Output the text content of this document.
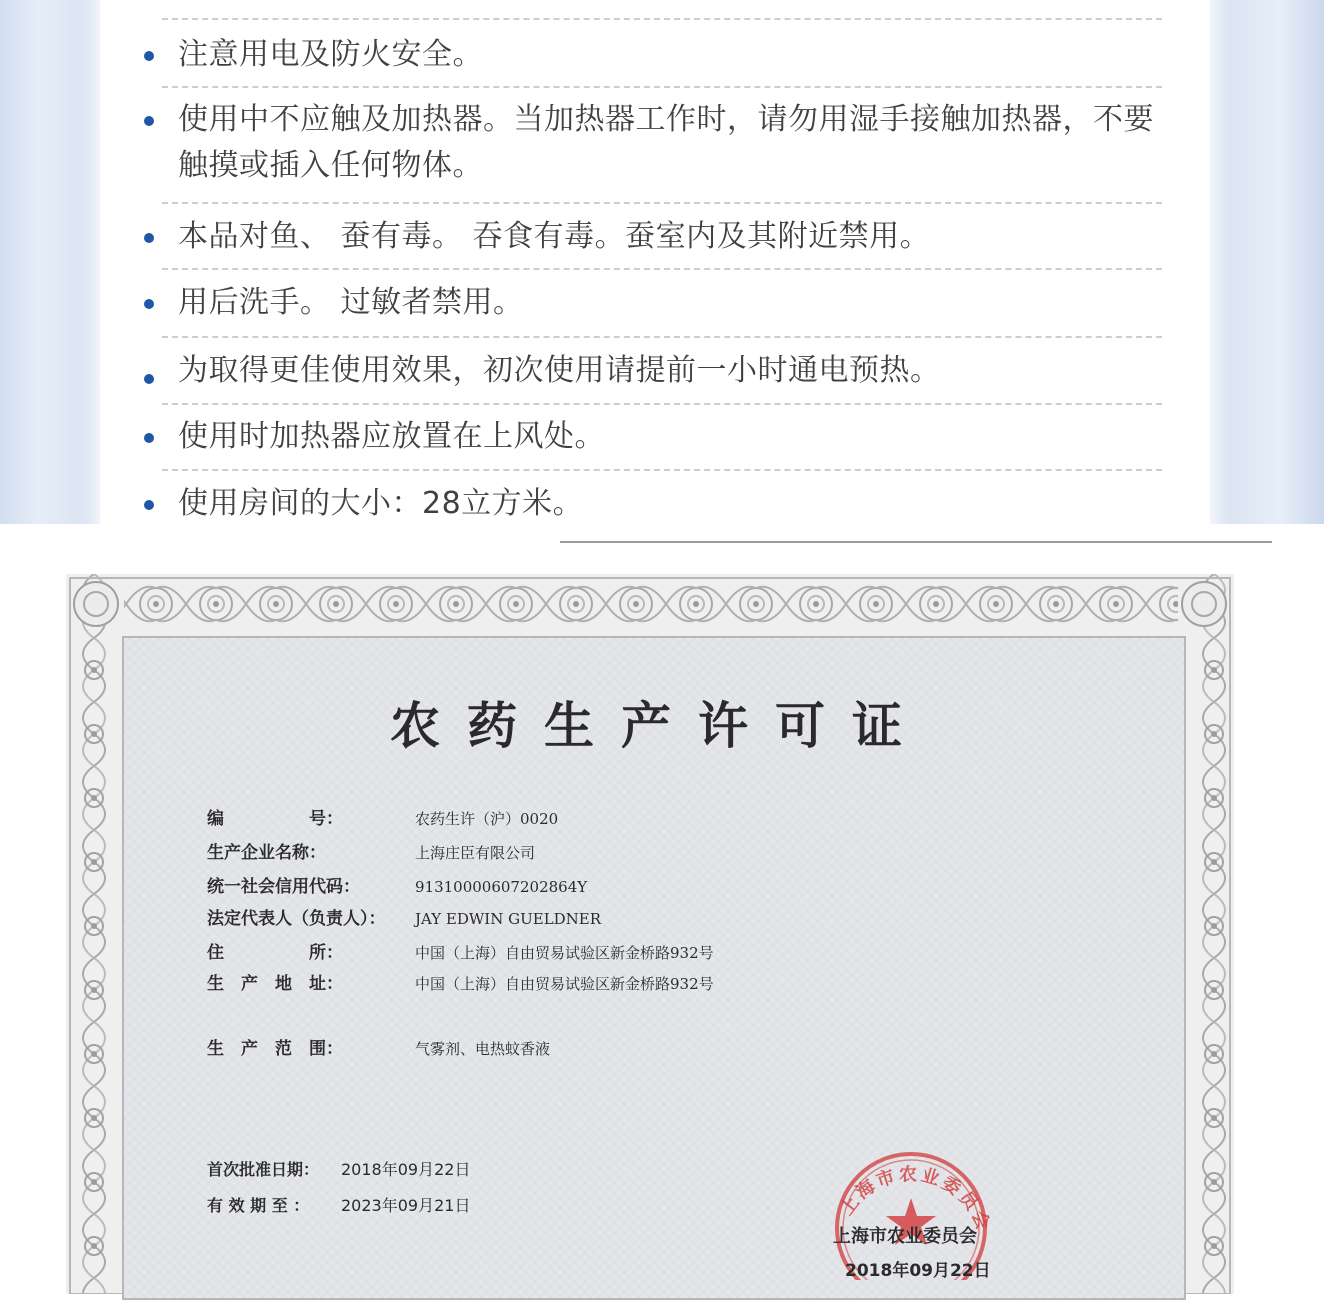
注意用电及防火安全。
使用中不应触及加热器。当加热器工作时，请勿用湿手接触加热器，不要触摸或插入任何物体。
本品对鱼、 蚕有毒。 吞食有毒。蚕室内及其附近禁用。
用后洗手。 过敏者禁用。
为取得更佳使用效果，初次使用请提前一小时通电预热。
使用时加热器应放置在上风处。
使用房间的大小：28立方米。
农药生产许可证
编　　　　　号：	农药生许（沪）0020
生产企业名称：	上海庄臣有限公司
统一社会信用代码：	91310000607202864Y
法定代表人（负责人）：	JAY EDWIN GUELDNER
住　　　　　所：	中国（上海）自由贸易试验区新金桥路932号
生　产　地　址：	中国（上海）自由贸易试验区新金桥路932号
生　产　范　围：	气雾剂、电热蚊香液
首次批准日期： 2018年09月22日
有 效 期 至 ： 2023年09月21日	上海市农业委员会
上海市农业委员会
2018年09月22日
